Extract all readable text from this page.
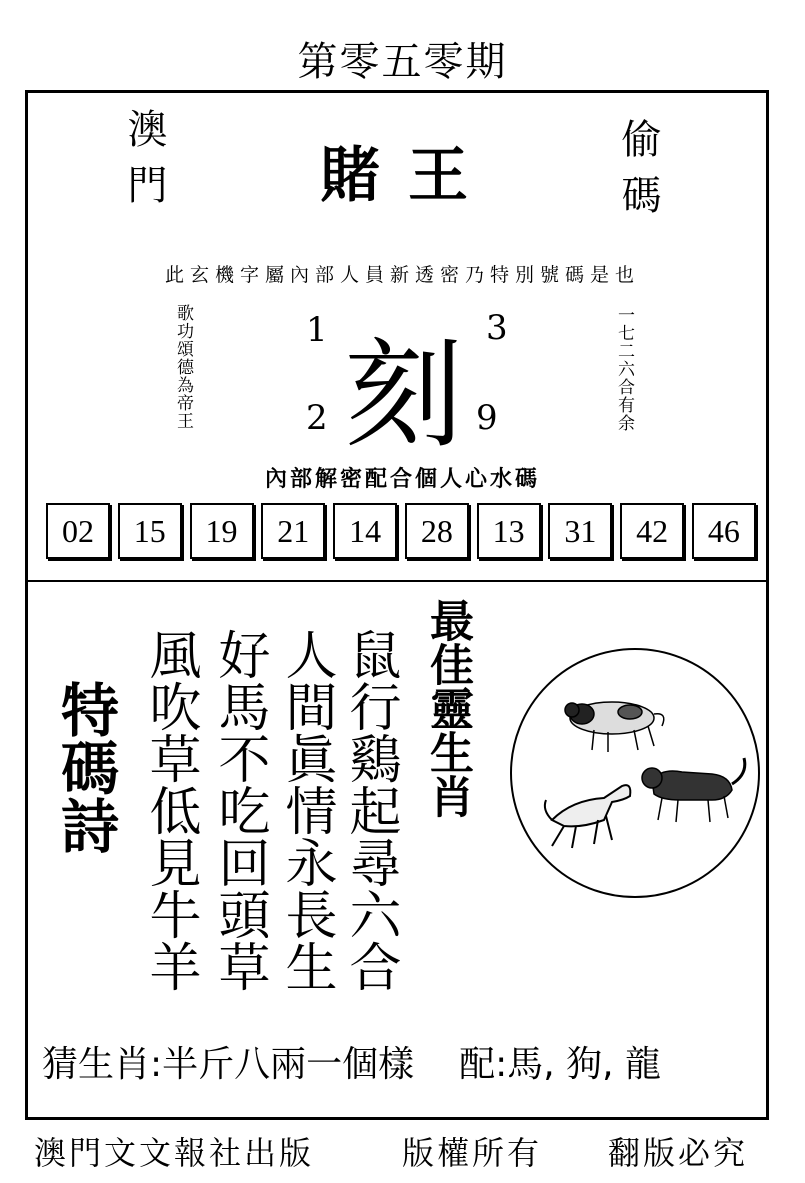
第零五零期
澳門	偷碼
賭王
此玄機字屬內部人員新透密乃特別號碼是也
歌功頌德為帝王	一七二六合有余
刻
1	3
2	9
內部解密配合個人心水碼
02	15	19	21	14	28	13	31	42	46
特碼詩	鼠行鷄起尋六合
人間眞情永長生
好馬不吃回頭草
風吹草低見牛羊	最佳靈生肖
猜生肖:半斤八兩一個樣 配:馬, 狗, 龍
澳門文文報社出版	版權所有 翻版必究
